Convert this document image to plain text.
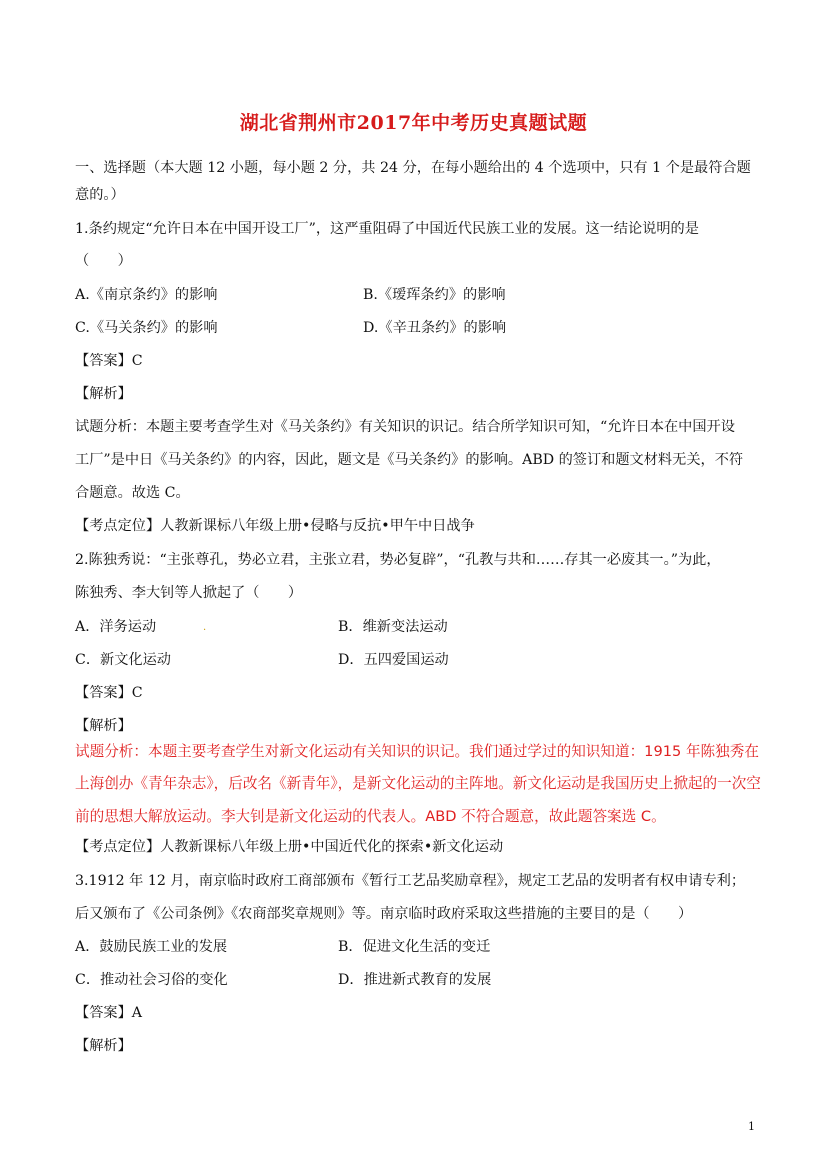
湖北省荆州市2017年中考历史真题试题
一、选择题（本大题 12 小题，每小题 2 分，共 24 分，在每小题给出的 4 个选项中，只有 1 个是最符合题
意的。）
1.条约规定“允许日本在中国开设工厂”，这严重阻碍了中国近代民族工业的发展。这一结论说明的是
（　　）
A.《南京条约》的影响	B.《瑷珲条约》的影响
C.《马关条约》的影响	D.《辛丑条约》的影响
【答案】C
【解析】
试题分析：本题主要考查学生对《马关条约》有关知识的识记。结合所学知识可知，“允许日本在中国开设
工厂”是中日《马关条约》的内容，因此，题文是《马关条约》的影响。ABD 的签订和题文材料无关，不符
合题意。故选 C。
【考点定位】人教新课标八年级上册•侵略与反抗•甲午中日战争
2.陈独秀说：“主张尊孔，势必立君，主张立君，势必复辟”，“孔教与共和……存其一必废其一。”为此，
陈独秀、李大钊等人掀起了（　　）
A．洋务运动	.	B．维新变法运动
C．新文化运动	D．五四爱国运动
【答案】C
【解析】
试题分析：本题主要考查学生对新文化运动有关知识的识记。我们通过学过的知识知道：1915 年陈独秀在
上海创办《青年杂志》，后改名《新青年》，是新文化运动的主阵地。新文化运动是我国历史上掀起的一次空
前的思想大解放运动。李大钊是新文化运动的代表人。ABD 不符合题意，故此题答案选 C。
【考点定位】人教新课标八年级上册•中国近代化的探索•新文化运动
3.1912 年 12 月，南京临时政府工商部颁布《暂行工艺品奖励章程》，规定工艺品的发明者有权申请专利；
后又颁布了《公司条例》《农商部奖章规则》等。南京临时政府采取这些措施的主要目的是（　　）
A．鼓励民族工业的发展	B．促进文化生活的变迁
C．推动社会习俗的变化	D．推进新式教育的发展
【答案】A
【解析】
1
